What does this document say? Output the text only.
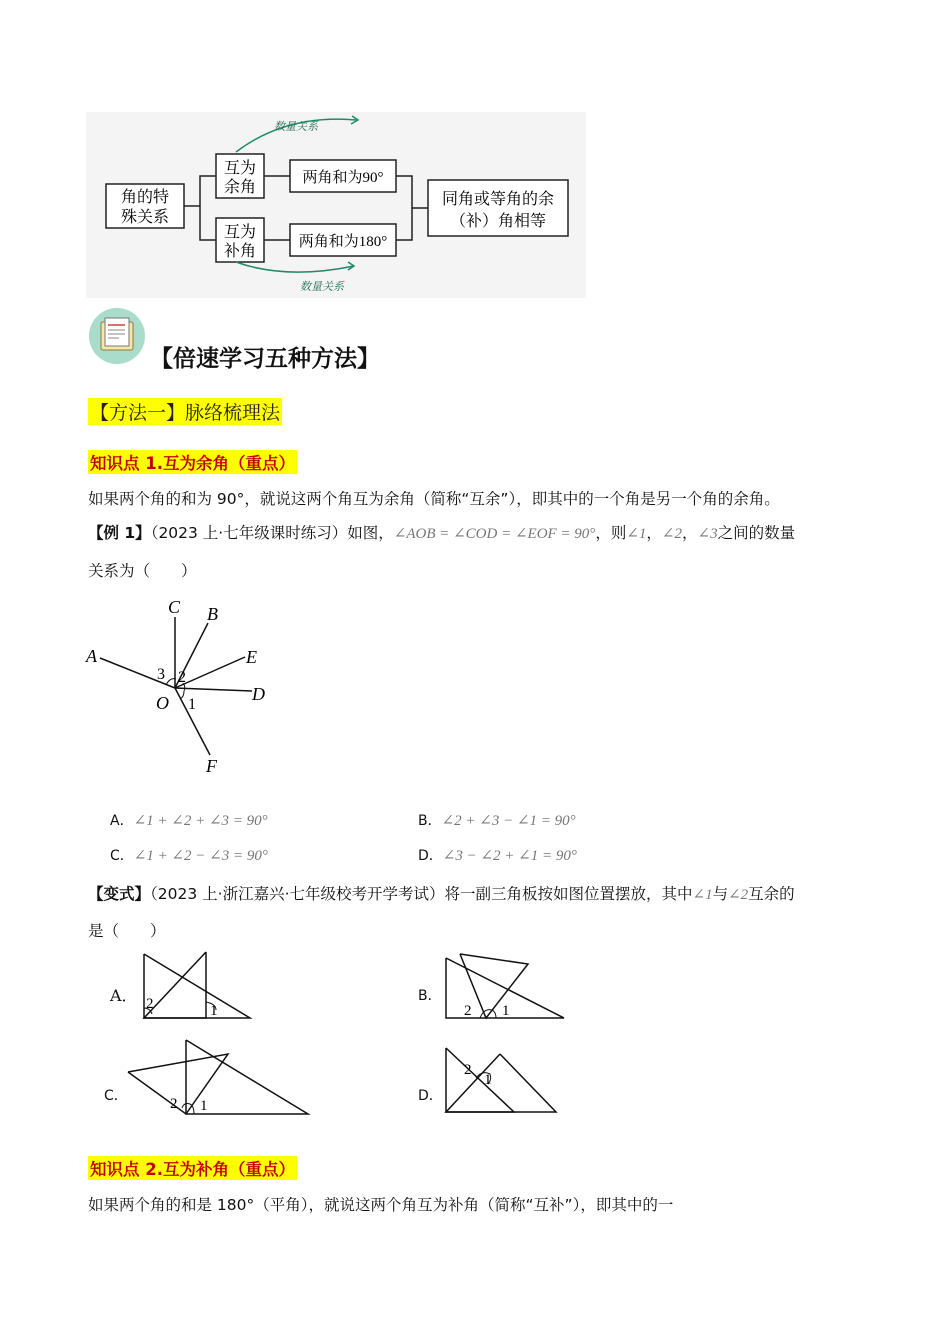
角的特
殊关系
互为
余角
互为
补角
两角和为90°
两角和为180°
同角或等角的余
（补）角相等
数量关系
数量关系
【倍速学习五种方法】
【方法一】脉络梳理法
知识点 1.互为余角（重点）
如果两个角的和为 90°，就说这两个角互为余角（简称“互余”），即其中的一个角是另一个角的余角。
【例 1】（2023 上·七年级课时练习）如图，∠AOB = ∠COD = ∠EOF = 90°，则∠1，∠2，∠3之间的数量
关系为（　　）
C B
A	E
D
F
O
3 2
1
A．∠1 + ∠2 + ∠3 = 90°	B．∠2 + ∠3 − ∠1 = 90°
C．∠1 + ∠2 − ∠3 = 90°	D．∠3 − ∠2 + ∠1 = 90°
【变式】（2023 上·浙江嘉兴·七年级校考开学考试）将一副三角板按如图位置摆放，其中∠1与∠2互余的
是（　　）
A． 2	1
B．
2 1
C．	2 1
D．
2
1
知识点 2.互为补角（重点）
如果两个角的和是 180°（平角），就说这两个角互为补角（简称“互补”），即其中的一
